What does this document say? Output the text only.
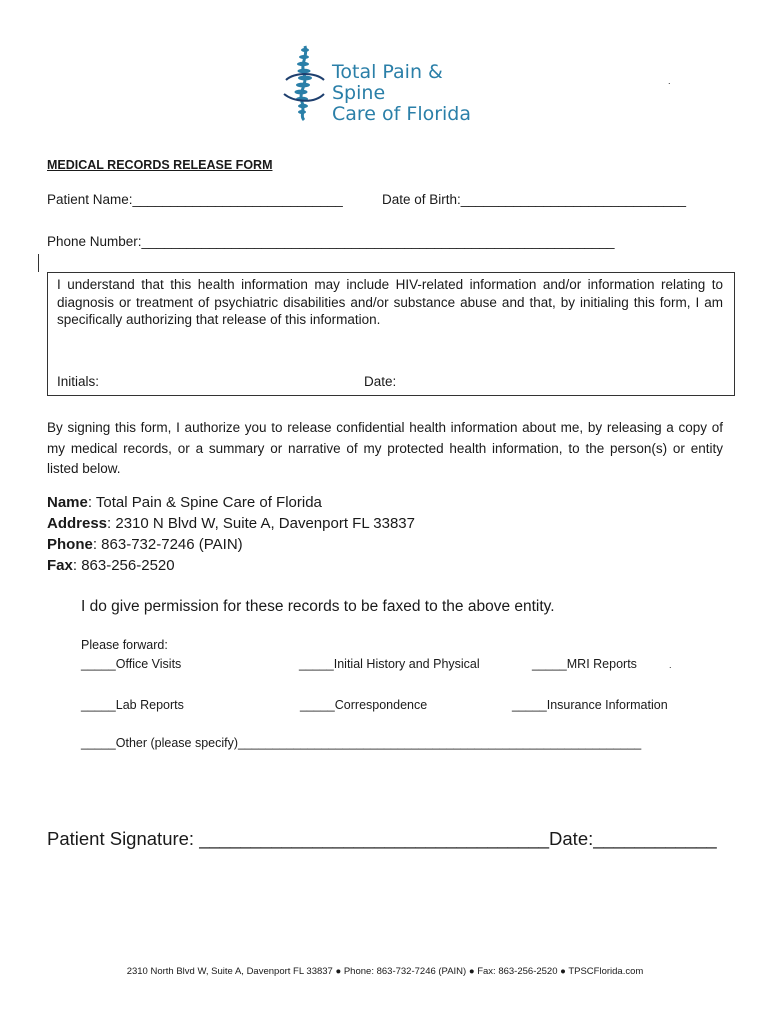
Total Pain & Spine
Care of Florida
.
MEDICAL RECORDS RELEASE FORM
Patient Name:____________________________	Date of Birth:______________________________
Phone Number:_______________________________________________________________
I understand that this health information may include HIV-related information and/or information relating to diagnosis or treatment of psychiatric disabilities and/or substance abuse and that, by initialing this form, I am specifically authorizing that release of this information.
Initials:	Date:
By signing this form, I authorize you to release confidential health information about me, by releasing a copy of my medical records, or a summary or narrative of my protected health information, to the person(s) or entity listed below.
Name: Total Pain & Spine Care of Florida
Address: 2310 N Blvd W, Suite A, Davenport FL 33837
Phone: 863-732-7246 (PAIN)
Fax: 863-256-2520
I do give permission for these records to be faxed to the above entity.
Please forward:
_____Office Visits	_____Initial History and Physical	_____MRI Reports	.
_____Lab Reports	_____Correspondence	_____Insurance Information
_____Other (please specify)__________________________________________________________
Patient Signature: __________________________________Date:____________
2310 North Blvd W, Suite A, Davenport FL 33837 ● Phone: 863-732-7246 (PAIN) ● Fax: 863-256-2520 ● TPSCFlorida.com
